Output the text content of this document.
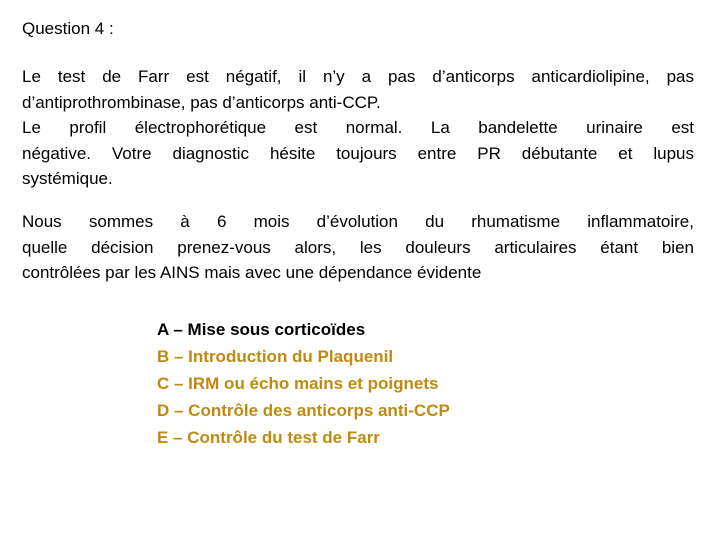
Question 4 :
Le test de Farr est négatif, il n’y a pas d’anticorps anticardiolipine, pas
d’antiprothrombinase, pas d’anticorps anti-CCP.
Le profil électrophorétique est normal. La bandelette urinaire est
négative. Votre diagnostic hésite toujours entre PR débutante et lupus
systémique.
Nous sommes à 6 mois d’évolution du rhumatisme inflammatoire,
quelle décision prenez-vous alors, les douleurs articulaires étant bien
contrôlées par les AINS mais avec une dépendance évidente
A – Mise sous corticoïdes
B – Introduction du Plaquenil
C – IRM ou écho mains et poignets
D – Contrôle des anticorps anti-CCP
E – Contrôle du test de Farr
